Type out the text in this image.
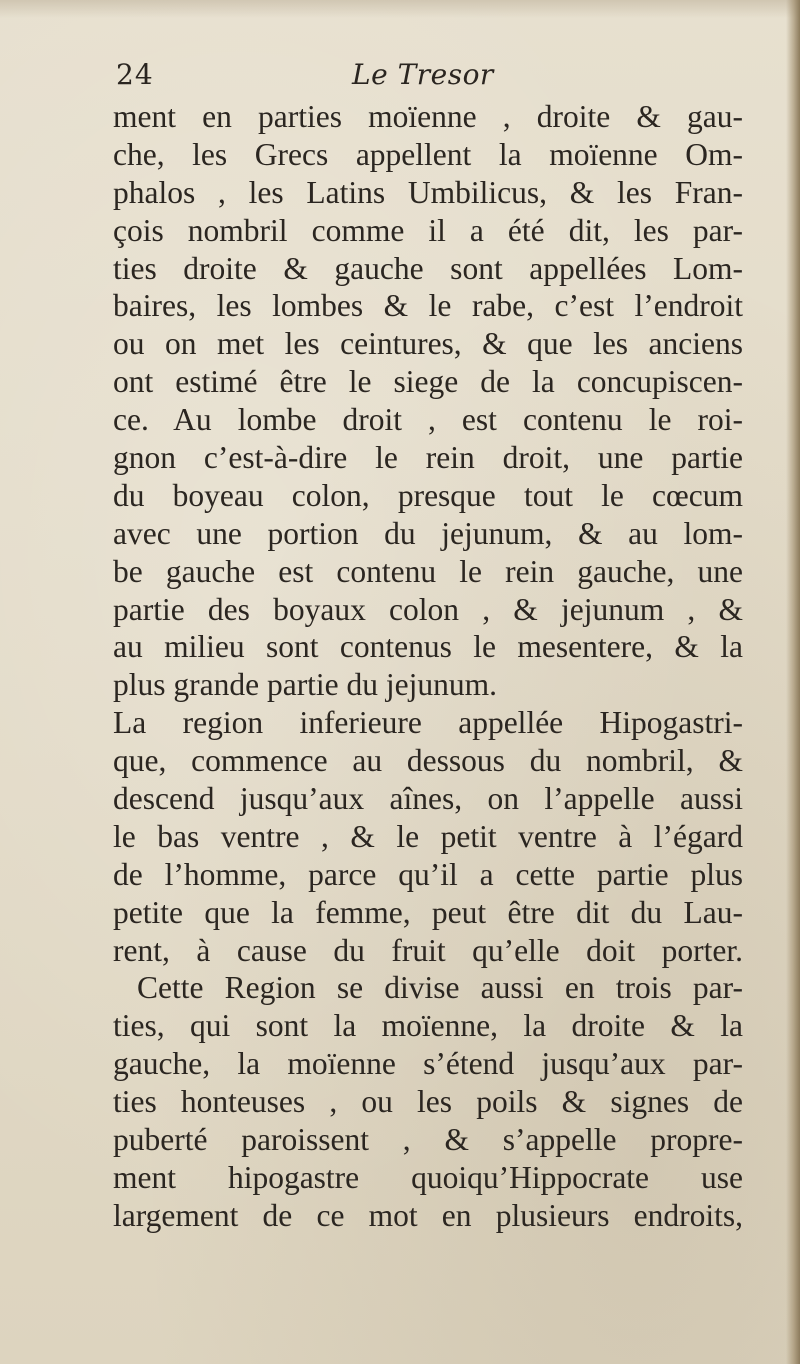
24	Le Tresor
ment en parties moïenne , droite & gau-
che, les Grecs appellent la moïenne Om-
phalos , les Latins Umbilicus, & les Fran-
çois nombril comme il a été dit, les par-
ties droite & gauche sont appellées Lom-
baires, les lombes & le rabe, c’est l’endroit
ou on met les ceintures, & que les anciens
ont estimé être le siege de la concupiscen-
ce. Au lombe droit , est contenu le roi-
gnon c’est-à-dire le rein droit, une partie
du boyeau colon, presque tout le cœcum
avec une portion du jejunum, & au lom-
be gauche est contenu le rein gauche, une
partie des boyaux colon , & jejunum , &
au milieu sont contenus le mesentere, & la
plus grande partie du jejunum.
La region inferieure appellée Hipogastri-
que, commence au dessous du nombril, &
descend jusqu’aux aînes, on l’appelle aussi
le bas ventre , & le petit ventre à l’égard
de l’homme, parce qu’il a cette partie plus
petite que la femme, peut être dit du Lau-
rent, à cause du fruit qu’elle doit porter.
Cette Region se divise aussi en trois par-
ties, qui sont la moïenne, la droite & la
gauche, la moïenne s’étend jusqu’aux par-
ties honteuses , ou les poils & signes de
puberté paroissent , & s’appelle propre-
ment hipogastre quoiqu’Hippocrate use
largement de ce mot en plusieurs endroits,
